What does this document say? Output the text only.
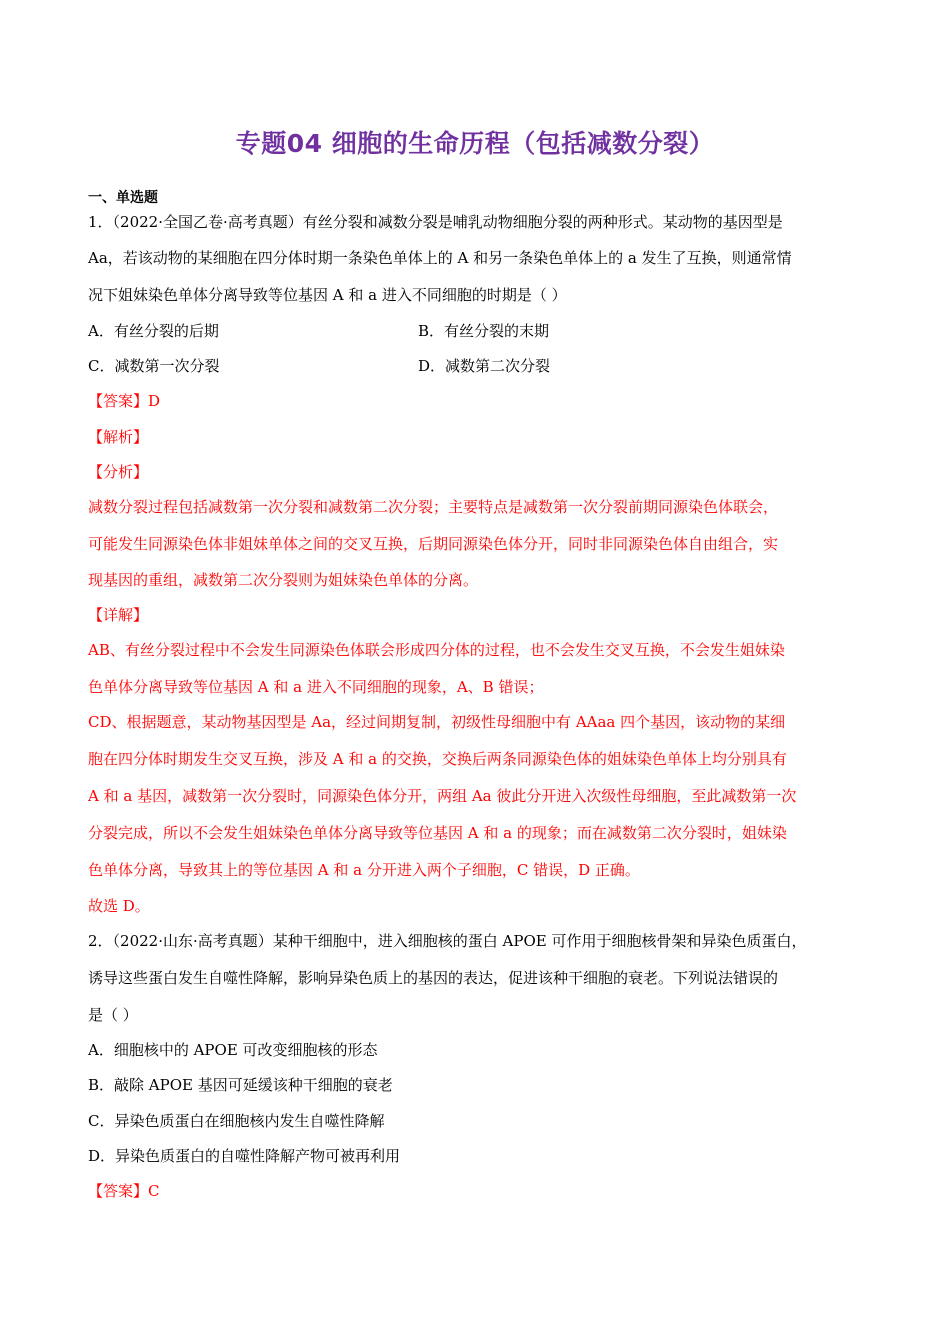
专题04 细胞的生命历程（包括减数分裂）
一、单选题
1．（2022·全国乙卷·高考真题）有丝分裂和减数分裂是哺乳动物细胞分裂的两种形式。某动物的基因型是
Aa，若该动物的某细胞在四分体时期一条染色单体上的 A 和另一条染色单体上的 a 发生了互换，则通常情
况下姐妹染色单体分离导致等位基因 A 和 a 进入不同细胞的时期是（ ）
A．有丝分裂的后期	B．有丝分裂的末期
C．减数第一次分裂	D．减数第二次分裂
【答案】D
【解析】
【分析】
减数分裂过程包括减数第一次分裂和减数第二次分裂；主要特点是减数第一次分裂前期同源染色体联会，
可能发生同源染色体非姐妹单体之间的交叉互换，后期同源染色体分开，同时非同源染色体自由组合，实
现基因的重组，减数第二次分裂则为姐妹染色单体的分离。
【详解】
AB、有丝分裂过程中不会发生同源染色体联会形成四分体的过程，也不会发生交叉互换，不会发生姐妹染
色单体分离导致等位基因 A 和 a 进入不同细胞的现象，A、B 错误；
CD、根据题意，某动物基因型是 Aa，经过间期复制，初级性母细胞中有 AAaa 四个基因，该动物的某细
胞在四分体时期发生交叉互换，涉及 A 和 a 的交换，交换后两条同源染色体的姐妹染色单体上均分别具有
A 和 a 基因，减数第一次分裂时，同源染色体分开，两组 Aa 彼此分开进入次级性母细胞，至此减数第一次
分裂完成，所以不会发生姐妹染色单体分离导致等位基因 A 和 a 的现象；而在减数第二次分裂时，姐妹染
色单体分离，导致其上的等位基因 A 和 a 分开进入两个子细胞，C 错误，D 正确。
故选 D。
2．（2022·山东·高考真题）某种干细胞中，进入细胞核的蛋白 APOE 可作用于细胞核骨架和异染色质蛋白，
诱导这些蛋白发生自噬性降解，影响异染色质上的基因的表达，促进该种干细胞的衰老。下列说法错误的
是（ ）
A．细胞核中的 APOE 可改变细胞核的形态
B．敲除 APOE 基因可延缓该种干细胞的衰老
C．异染色质蛋白在细胞核内发生自噬性降解
D．异染色质蛋白的自噬性降解产物可被再利用
【答案】C
